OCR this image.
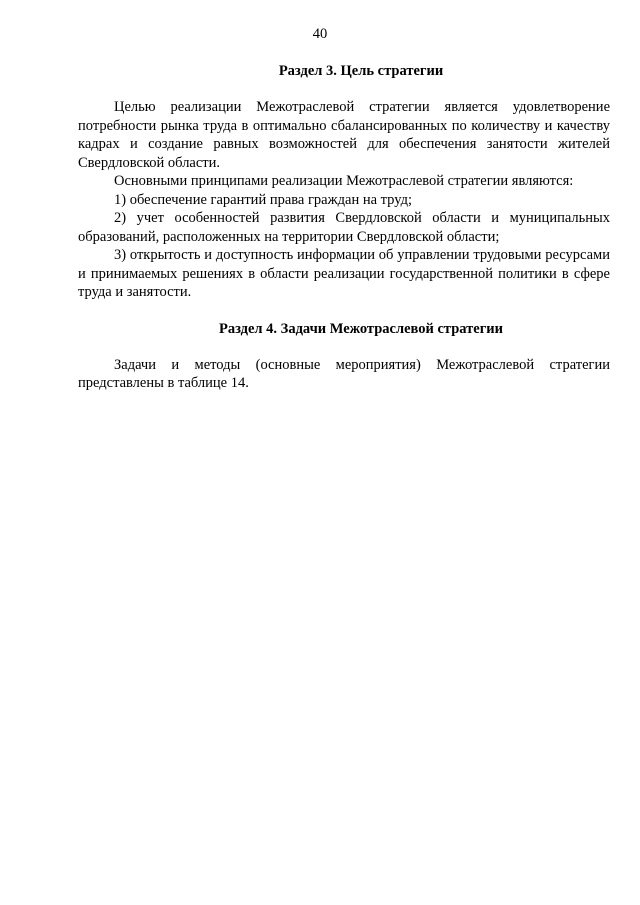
40
Раздел 3. Цель стратегии

Целью реализации Межотраслевой стратегии является удовлетворение потребности рынка труда в оптимально сбалансированных по количеству и качеству кадрах и создание равных возможностей для обеспечения занятости жителей Свердловской области.

Основными принципами реализации Межотраслевой стратегии являются:

1) обеспечение гарантий права граждан на труд;

2) учет особенностей развития Свердловской области и муниципальных образований, расположенных на территории Свердловской области;

3) открытость и доступность информации об управлении трудовыми ресурсами и принимаемых решениях в области реализации государственной политики в сфере труда и занятости.

Раздел 4. Задачи Межотраслевой стратегии

Задачи и методы (основные мероприятия) Межотраслевой стратегии представлены в таблице 14.
